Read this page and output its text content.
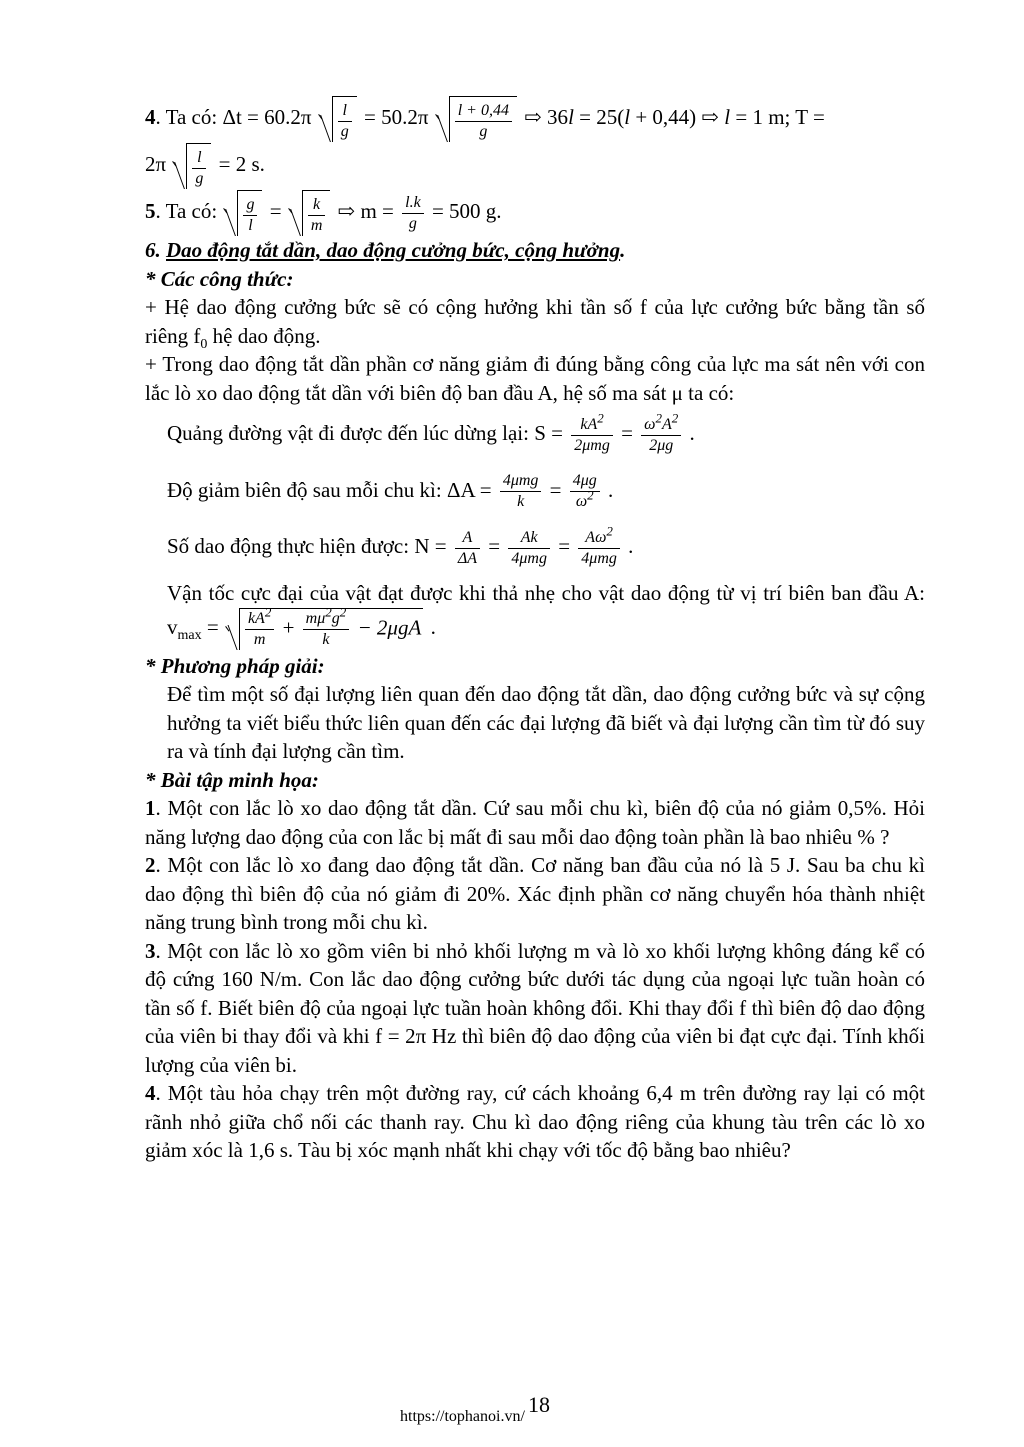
4. Ta có: $\Delta t = 60.2\pi \frac{l}{g} = 50.2\pi \frac{l + 0,44}{g}$ ⇨ 36l = 25(l + 0,44) ⇨ l = 1 m; T =

$2\pi \frac{l}{g} = 2$ s.

5. Ta có: $\frac{g}{l} = \frac{k}{m}$ ⇨ $m = \frac{l.k}{g} = 500$ g.

6. Dao động tắt dần, dao động cưởng bức, cộng hưởng.

* Các công thức:

+ Hệ dao động cưởng bức sẽ có cộng hưởng khi tần số f của lực cưởng bức bằng tần số riêng $f_0$ hệ dao động.

+ Trong dao động tắt dần phần cơ năng giảm đi đúng bằng công của lực ma sát nên với con lắc lò xo dao động tắt dần với biên độ ban đầu A, hệ số ma sát μ ta có:

Quảng đường vật đi được đến lúc dừng lại: S =	$kA^2$
2μmg
= $\frac{\omega^2A^2}{2\mu g}$ .

Độ giảm biên độ sau mỗi chu kì: ΔA = 4μmg
k
= $\frac{4\mu g}{\omega^2}$ .

Số dao động thực hiện được: $N = \frac{A}{\Delta A} = Ak$
4μmg
= $A\omega^2$
4μmg
.

Vận tốc cực đại của vật đạt được khi thả nhẹ cho vật dao động từ vị trí biên ban đầu A: $v_{max} = \frac{kA^2}{m} + \frac{m\mu^2g^2}{k} - 2\mu gA$ .

* Phương pháp giải:

Để tìm một số đại lượng liên quan đến dao động tắt dần, dao động cưởng bức và sự cộng hưởng ta viết biểu thức liên quan đến các đại lượng đã biết và đại lượng cần tìm từ đó suy ra và tính đại lượng cần tìm.

* Bài tập minh họa:

1. Một con lắc lò xo dao động tắt dần. Cứ sau mỗi chu kì, biên độ của nó giảm 0,5%. Hỏi năng lượng dao động của con lắc bị mất đi sau mỗi dao động toàn phần là bao nhiêu % ?

2. Một con lắc lò xo đang dao động tắt dần. Cơ năng ban đầu của nó là 5 J. Sau ba chu kì dao động thì biên độ của nó giảm đi 20%. Xác định phần cơ năng chuyển hóa thành nhiệt năng trung bình trong mỗi chu kì.

3. Một con lắc lò xo gồm viên bi nhỏ khối lượng m và lò xo khối lượng không đáng kể có độ cứng 160 N/m. Con lắc dao động cưởng bức dưới tác dụng của ngoại lực tuần hoàn có tần số f. Biết biên độ của ngoại lực tuần hoàn không đổi. Khi thay đổi f thì biên độ dao động của viên bi thay đổi và khi f = 2π Hz thì biên độ dao động của viên bi đạt cực đại. Tính khối lượng của viên bi.

4. Một tàu hỏa chạy trên một đường ray, cứ cách khoảng 6,4 m trên đường ray lại có một rãnh nhỏ giữa chổ nối các thanh ray. Chu kì dao động riêng của khung tàu trên các lò xo giảm xóc là 1,6 s. Tàu bị xóc mạnh nhất khi chạy với tốc độ bằng bao nhiêu?

18
https://tophanoi.vn/
